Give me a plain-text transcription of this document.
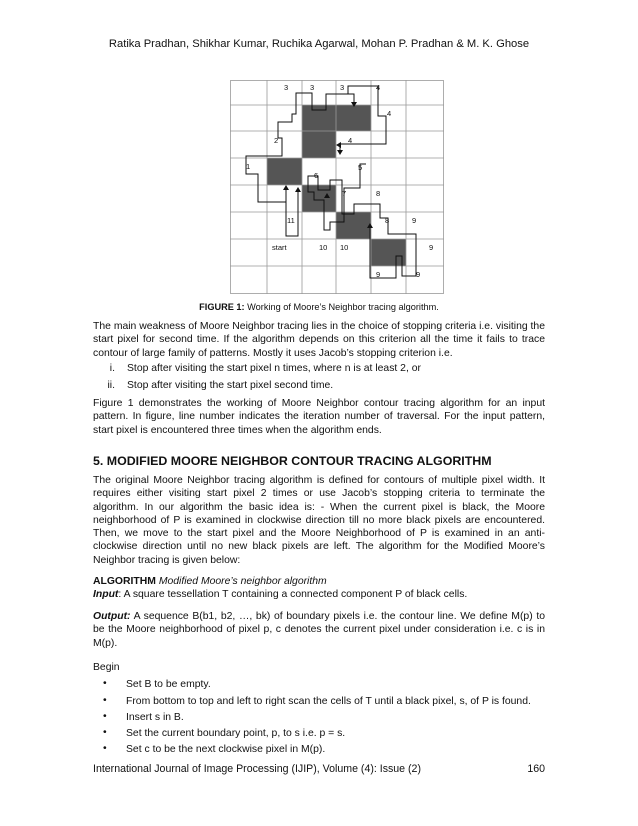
Ratika Pradhan, Shikhar Kumar, Ruchika Agarwal, Mohan P. Pradhan & M. K. Ghose
3	3	3	4
4
2	4
1	5
6
7	8
11	8	9
start	10 10	9
9	9
FIGURE 1: Working of Moore’s Neighbor tracing algorithm.
The main weakness of Moore Neighbor tracing lies in the choice of stopping criteria i.e. visiting the start pixel for second time. If the algorithm depends on this criterion all the time it fails to trace contour of large family of patterns. Mostly it uses Jacob’s stopping criterion i.e.
i. Stop after visiting the start pixel n times, where n is at least 2, or
ii. Stop after visiting the start pixel second time.
Figure 1 demonstrates the working of Moore Neighbor contour tracing algorithm for an input pattern. In figure, line number indicates the iteration number of traversal. For the input pattern, start pixel is encountered three times when the algorithm ends.
5. MODIFIED MOORE NEIGHBOR CONTOUR TRACING ALGORITHM
The original Moore Neighbor tracing algorithm is defined for contours of multiple pixel width. It requires either visiting start pixel 2 times or use Jacob’s stopping criteria to terminate the algorithm. In our algorithm the basic idea is: - When the current pixel is black, the Moore neighborhood of P is examined in clockwise direction till no more black pixels are encountered. Then, we move to the start pixel and the Moore Neighborhood of P is examined in an anti-clockwise direction until no new black pixels are left. The algorithm for the Modified Moore’s Neighbor tracing is given below:
ALGORITHM Modified Moore’s neighbor algorithm
Input: A square tessellation T containing a connected component P of black cells.
Output: A sequence B(b1, b2, …, bk) of boundary pixels i.e. the contour line. We define M(p) to be the Moore neighborhood of pixel p, c denotes the current pixel under consideration i.e. c is in M(p).
Begin
• Set B to be empty.
• From bottom to top and left to right scan the cells of T until a black pixel, s, of P is found.
• Insert s in B.
• Set the current boundary point, p, to s i.e. p = s.
• Set c to be the next clockwise pixel in M(p).
International Journal of Image Processing (IJIP), Volume (4): Issue (2)	160
